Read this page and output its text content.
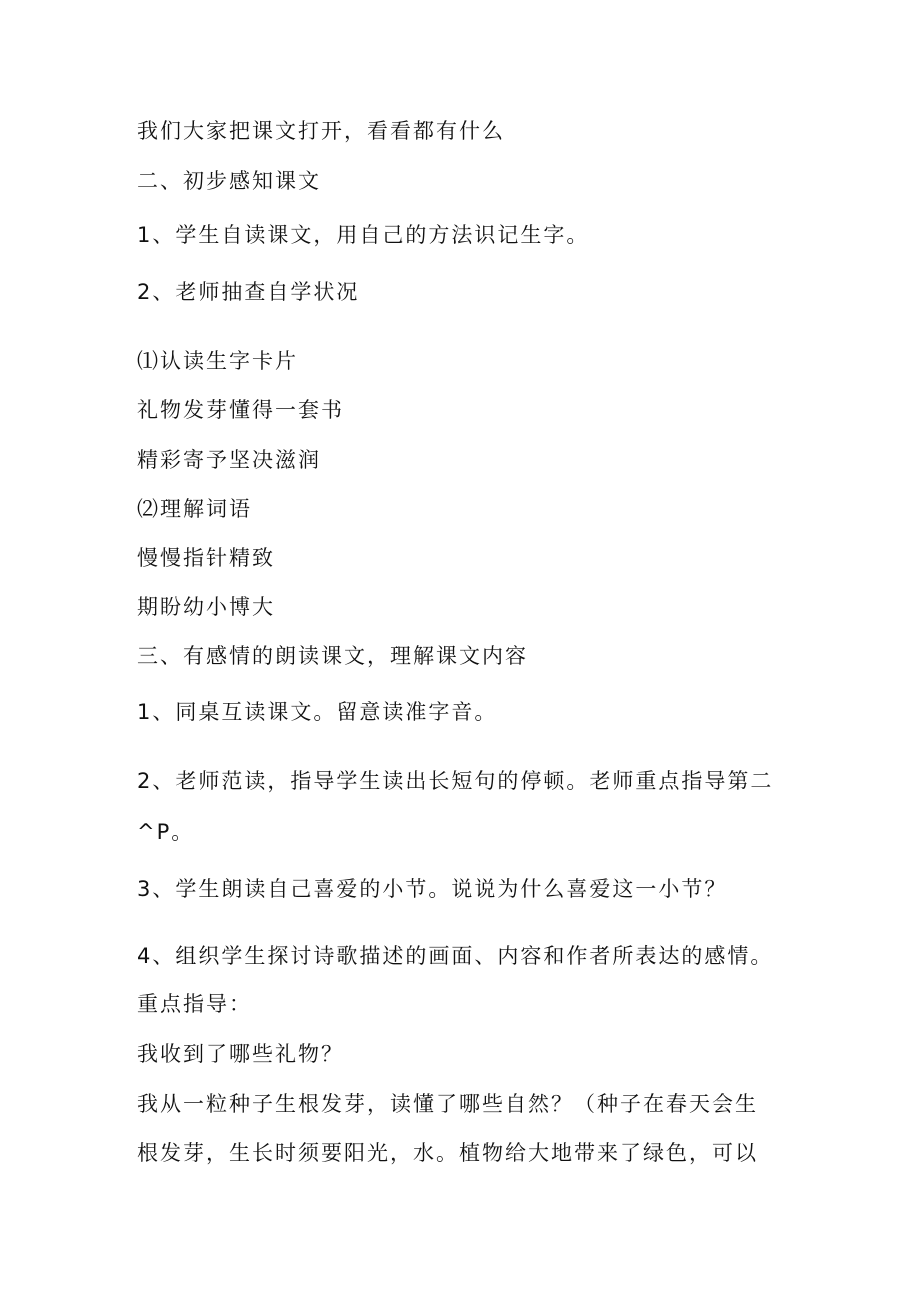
我们大家把课文打开，看看都有什么
二、初步感知课文
1、学生自读课文，用自己的方法识记生字。
2、老师抽查自学状况
⑴认读生字卡片
礼物发芽懂得一套书
精彩寄予坚决滋润
⑵理解词语
慢慢指针精致
期盼幼小博大
三、有感情的朗读课文，理解课文内容
1、同桌互读课文。留意读准字音。
2、老师范读，指导学生读出长短句的停顿。老师重点指导第二
^P。
3、学生朗读自己喜爱的小节。说说为什么喜爱这一小节？
4、组织学生探讨诗歌描述的画面、内容和作者所表达的感情。
重点指导：
我收到了哪些礼物？
我从一粒种子生根发芽，读懂了哪些自然？（种子在春天会生
根发芽，生长时须要阳光，水。植物给大地带来了绿色，可以
